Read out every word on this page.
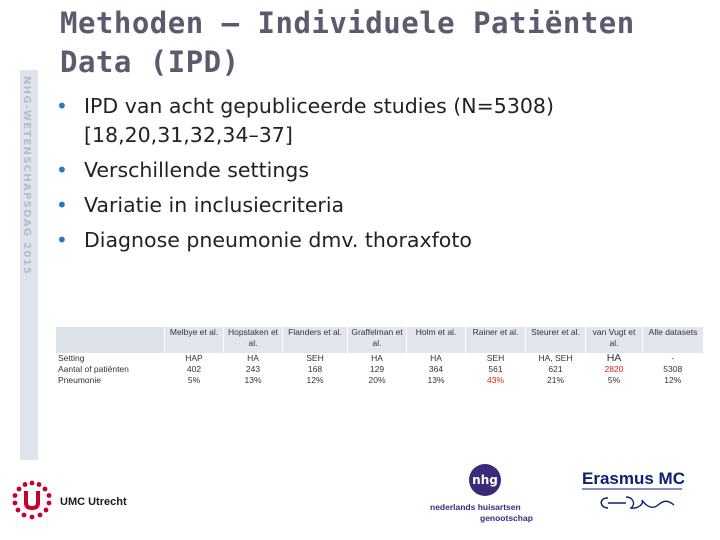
Methoden – Individuele Patiënten Data (IPD)
NHG-WETENSCHAPSDAG 2015 • IPD van acht gepubliceerde studies (N=5308) [18,20,31,32,34–37]
• Verschillende settings
• Variatie in inclusiecriteria
• Diagnose pneumonie dmv. thoraxfoto
	Melbye et al.	Hopstaken et al.	Flanders et al.	Graffelman et al.	Holm et al.	Rainer et al.	Steurer et al.	van Vugt et al.	Alle datasets
Setting	HAP	HA	SEH	HA	HA	SEH	HA, SEH	HA	-
Aantal of patiënten	402	243	168	129	364	561	621	2820	5308
Pneumonie	5%	13%	12%	20%	13%	43%	21%	5%	12%
UMC Utrecht
nhg
nederlands huisartsen
genootschap
Erasmus MC
